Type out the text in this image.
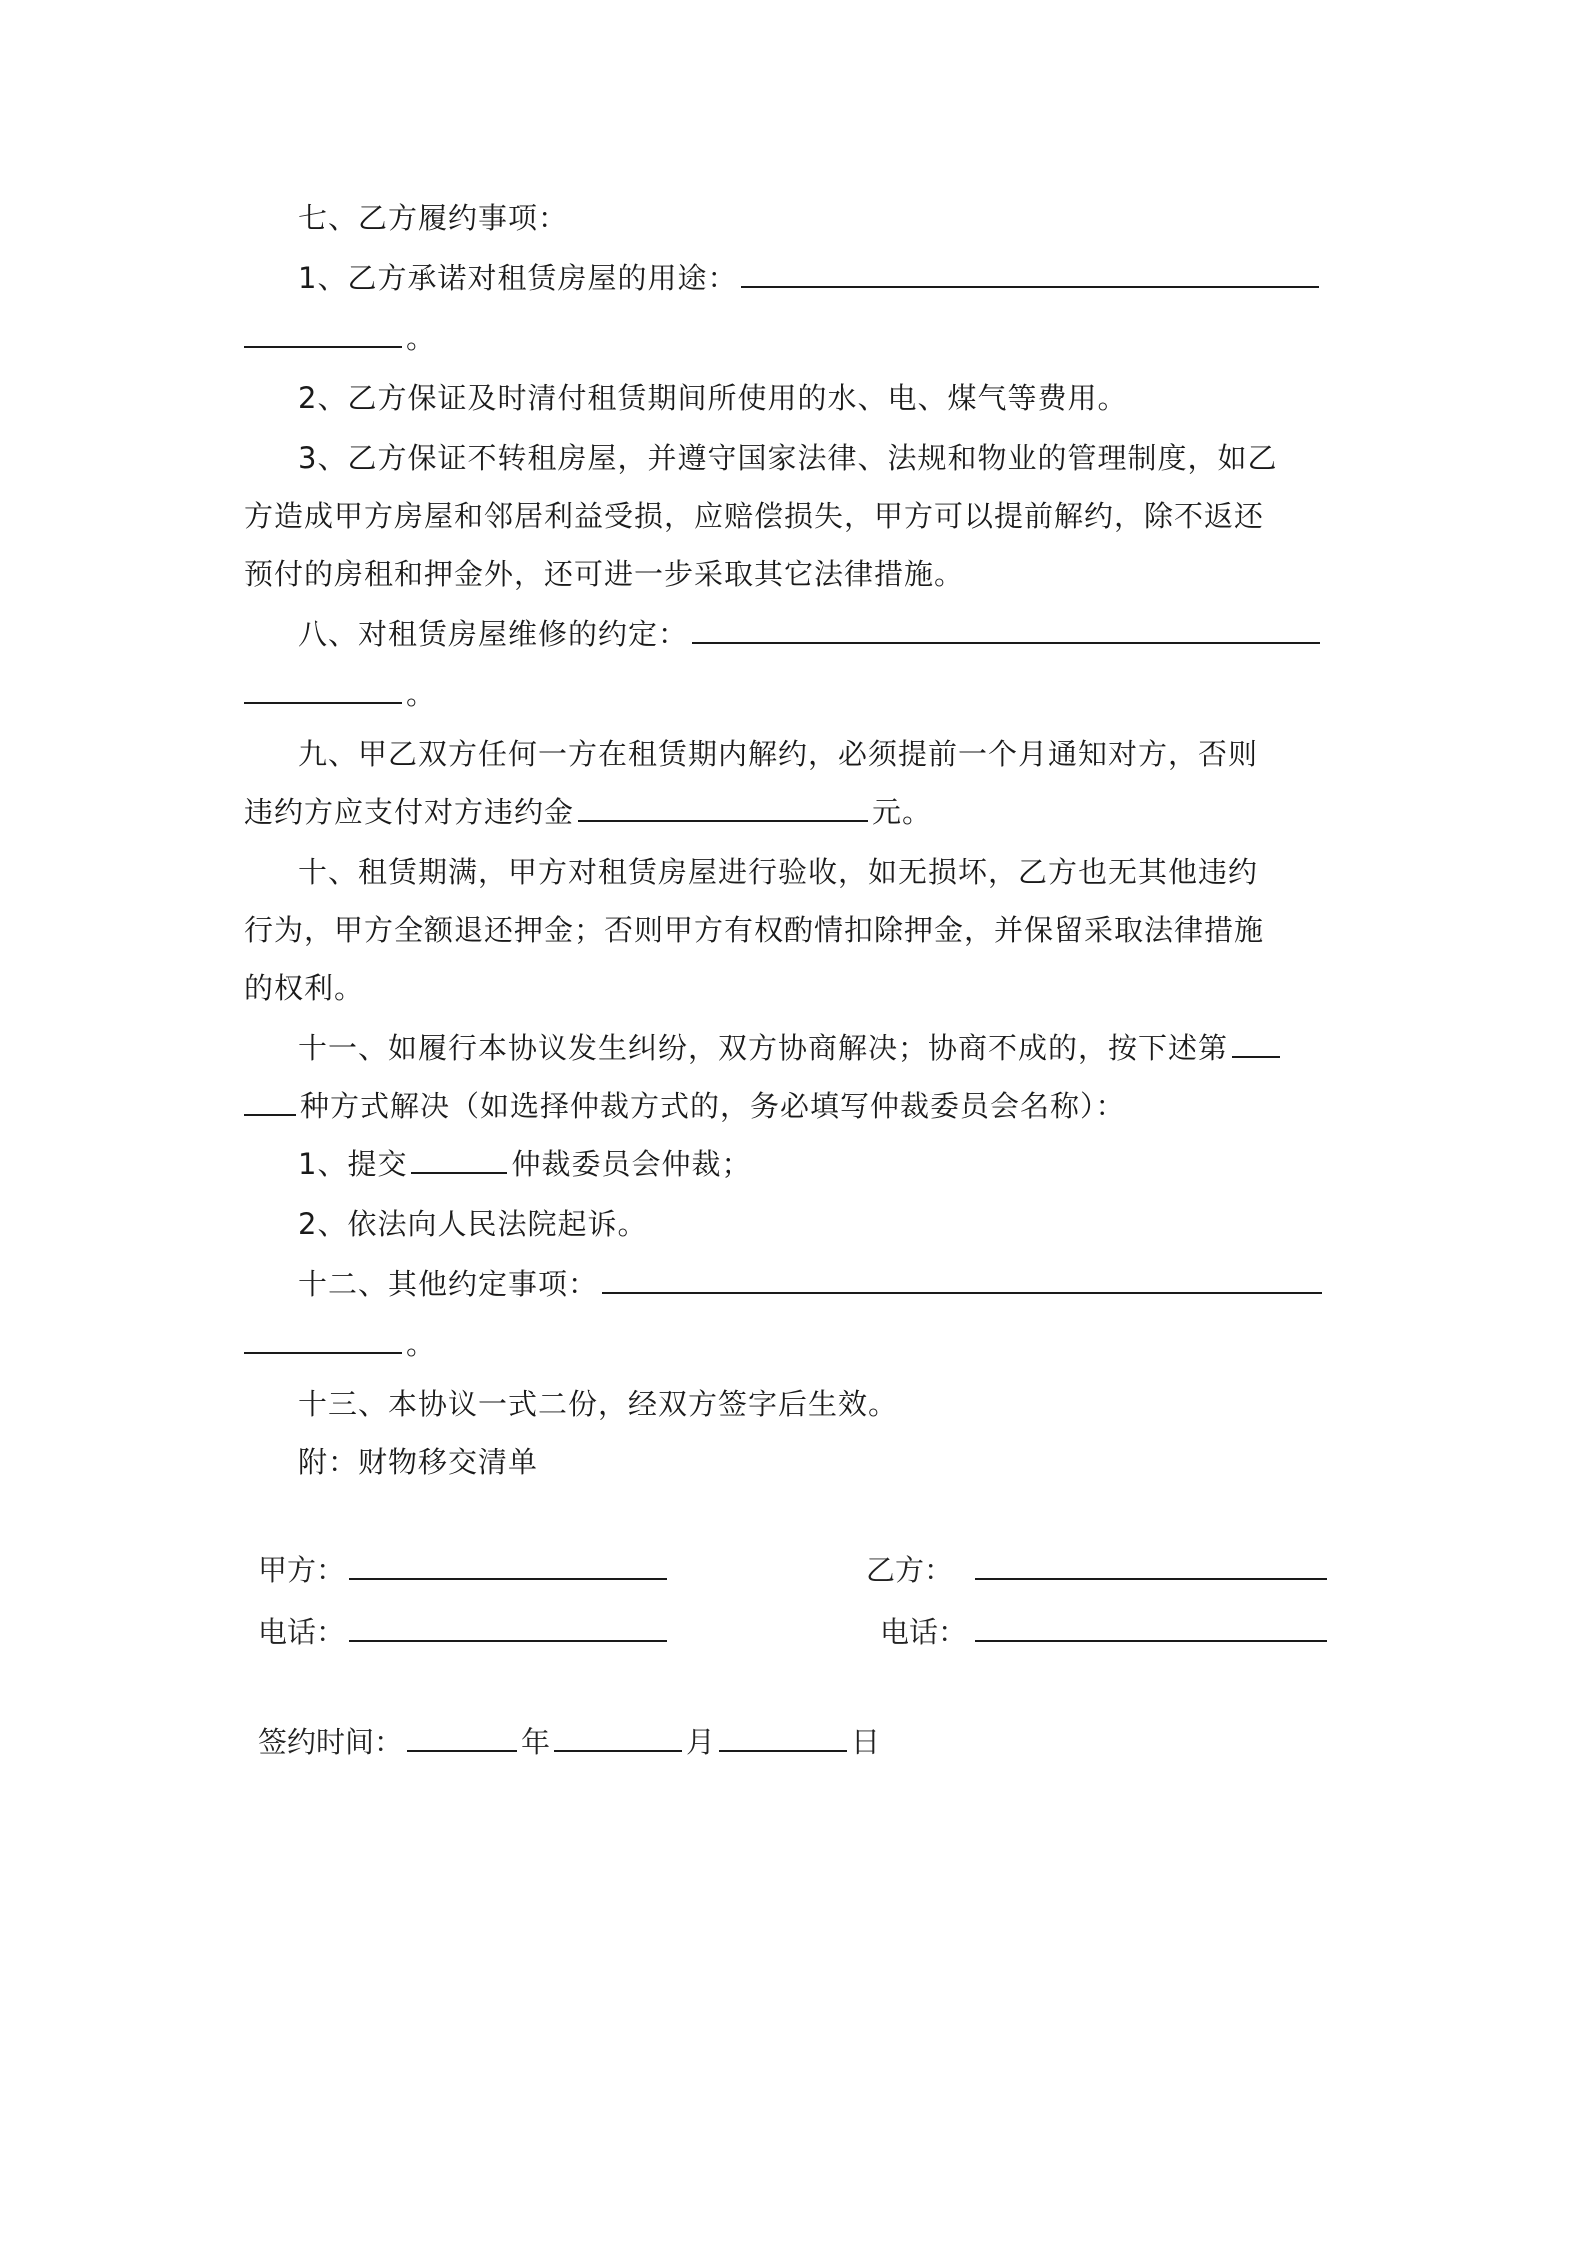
七、乙方履约事项：
1、乙方承诺对租赁房屋的用途：
。
2、乙方保证及时清付租赁期间所使用的水、电、煤气等费用。
3、乙方保证不转租房屋，并遵守国家法律、法规和物业的管理制度，如乙
方造成甲方房屋和邻居利益受损，应赔偿损失，甲方可以提前解约，除不返还
预付的房租和押金外，还可进一步采取其它法律措施。
八、对租赁房屋维修的约定：
。
九、甲乙双方任何一方在租赁期内解约，必须提前一个月通知对方，否则
违约方应支付对方违约金	元。
十、租赁期满，甲方对租赁房屋进行验收，如无损坏，乙方也无其他违约
行为，甲方全额退还押金；否则甲方有权酌情扣除押金，并保留采取法律措施
的权利。
十一、如履行本协议发生纠纷，双方协商解决；协商不成的，按下述第
种方式解决（如选择仲裁方式的，务必填写仲裁委员会名称）：
1、提交	仲裁委员会仲裁；
2、依法向人民法院起诉。
十二、其他约定事项：
。
十三、本协议一式二份，经双方签字后生效。
附：财物移交清单
甲方：	乙方：
电话：	电话：
签约时间：	年	月	日
